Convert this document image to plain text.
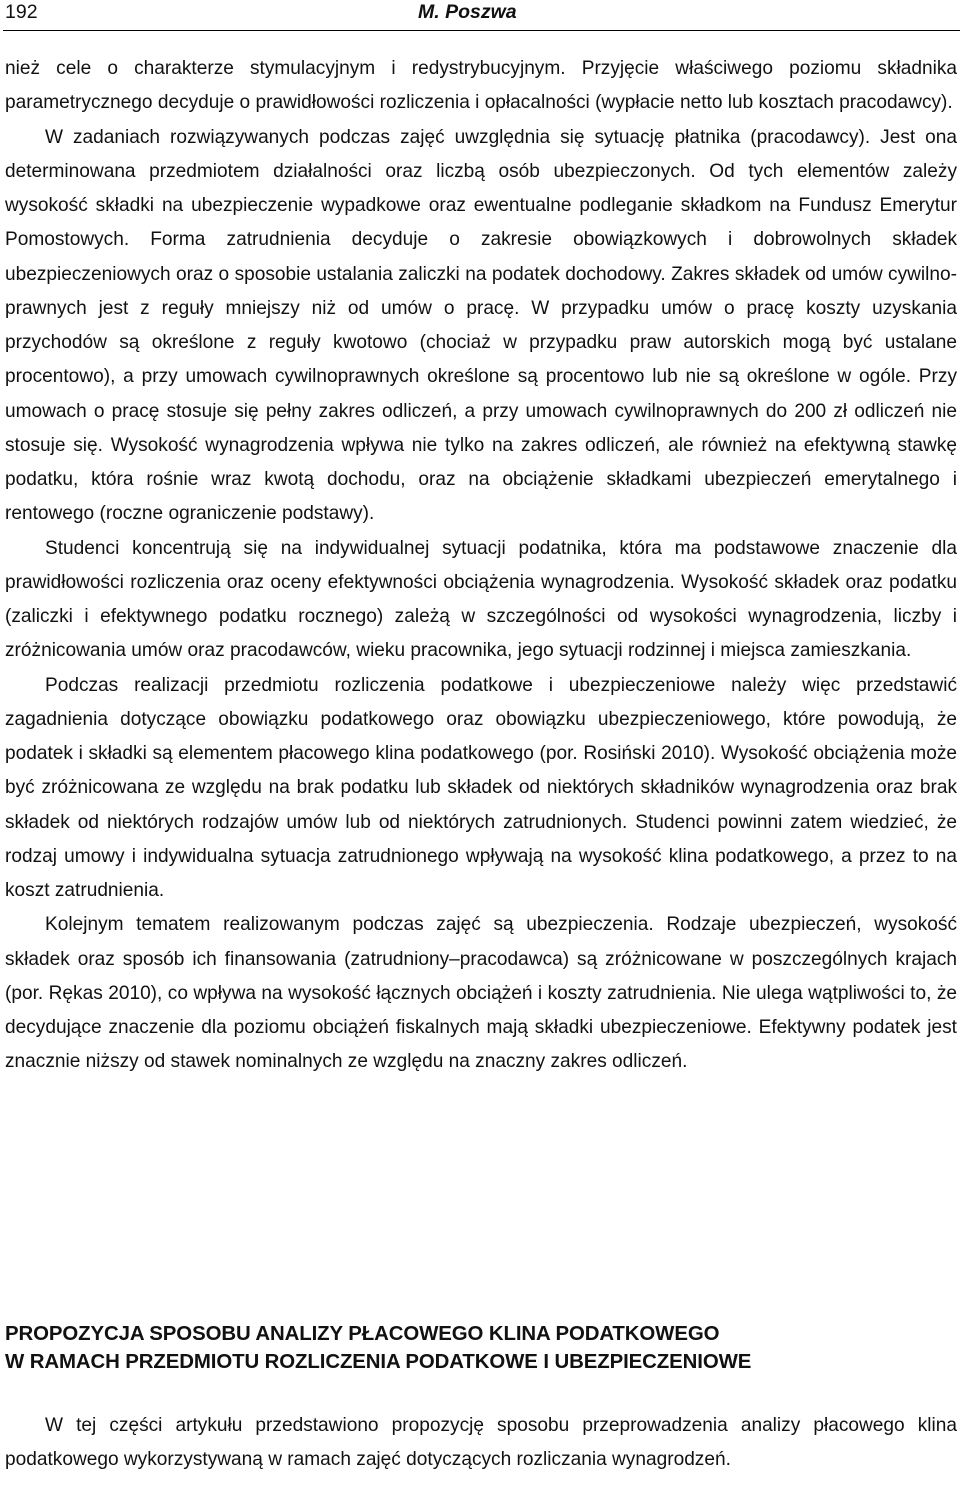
192	M. Poszwa

nież cele o charakterze stymulacyjnym i redystrybucyjnym. Przyjęcie właściwego poziomu składnika parametrycznego decyduje o prawidłowości rozliczenia i opłacalności (wypłacie netto lub kosztach pracodawcy).

W zadaniach rozwiązywanych podczas zajęć uwzględnia się sytuację płatnika (pracodawcy). Jest ona determinowana przedmiotem działalności oraz liczbą osób ubezpieczonych. Od tych elementów zależy wysokość składki na ubezpieczenie wypadkowe oraz ewentualne podleganie składkom na Fundusz Emerytur Pomostowych. Forma zatrudnienia decyduje o zakresie obowiązkowych i dobrowolnych składek ubezpieczeniowych oraz o sposobie ustalania zaliczki na podatek dochodowy. Zakres składek od umów cywilnoprawnych jest z reguły mniejszy niż od umów o pracę. W przypadku umów o pracę koszty uzyskania przychodów są określone z reguły kwotowo (chociaż w przypadku praw autorskich mogą być ustalane procentowo), a przy umowach cywilnoprawnych określone są procentowo lub nie są określone w ogóle. Przy umowach o pracę stosuje się pełny zakres odliczeń, a przy umowach cywilnoprawnych do 200 zł odliczeń nie stosuje się. Wysokość wynagrodzenia wpływa nie tylko na zakres odliczeń, ale również na efektywną stawkę podatku, która rośnie wraz kwotą dochodu, oraz na obciążenie składkami ubezpieczeń emerytalnego i rentowego (roczne ograniczenie podstawy).

Studenci koncentrują się na indywidualnej sytuacji podatnika, która ma podstawowe znaczenie dla prawidłowości rozliczenia oraz oceny efektywności obciążenia wynagrodzenia. Wysokość składek oraz podatku (zaliczki i efektywnego podatku rocznego) zależą w szczególności od wysokości wynagrodzenia, liczby i zróżnicowania umów oraz pracodawców, wieku pracownika, jego sytuacji rodzinnej i miejsca zamieszkania.

Podczas realizacji przedmiotu rozliczenia podatkowe i ubezpieczeniowe należy więc przedstawić zagadnienia dotyczące obowiązku podatkowego oraz obowiązku ubezpieczeniowego, które powodują, że podatek i składki są elementem płacowego klina podatkowego (por. Rosiński 2010). Wysokość obciążenia może być zróżnicowana ze względu na brak podatku lub składek od niektórych składników wynagrodzenia oraz brak składek od niektórych rodzajów umów lub od niektórych zatrudnionych. Studenci powinni zatem wiedzieć, że rodzaj umowy i indywidualna sytuacja zatrudnionego wpływają na wysokość klina podatkowego, a przez to na koszt zatrudnienia.

Kolejnym tematem realizowanym podczas zajęć są ubezpieczenia. Rodzaje ubezpieczeń, wysokość składek oraz sposób ich finansowania (zatrudniony–pracodawca) są zróżnicowane w poszczególnych krajach (por. Rękas 2010), co wpływa na wysokość łącznych obciążeń i koszty zatrudnienia. Nie ulega wątpliwości to, że decydujące znaczenie dla poziomu obciążeń fiskalnych mają składki ubezpieczeniowe. Efektywny podatek jest znacznie niższy od stawek nominalnych ze względu na znaczny zakres odliczeń.

PROPOZYCJA SPOSOBU ANALIZY PŁACOWEGO KLINA PODATKOWEGO
W RAMACH PRZEDMIOTU ROZLICZENIA PODATKOWE I UBEZPIECZENIOWE

W tej części artykułu przedstawiono propozycję sposobu przeprowadzenia analizy płacowego klina podatkowego wykorzystywaną w ramach zajęć dotyczących rozliczania wynagrodzeń.
